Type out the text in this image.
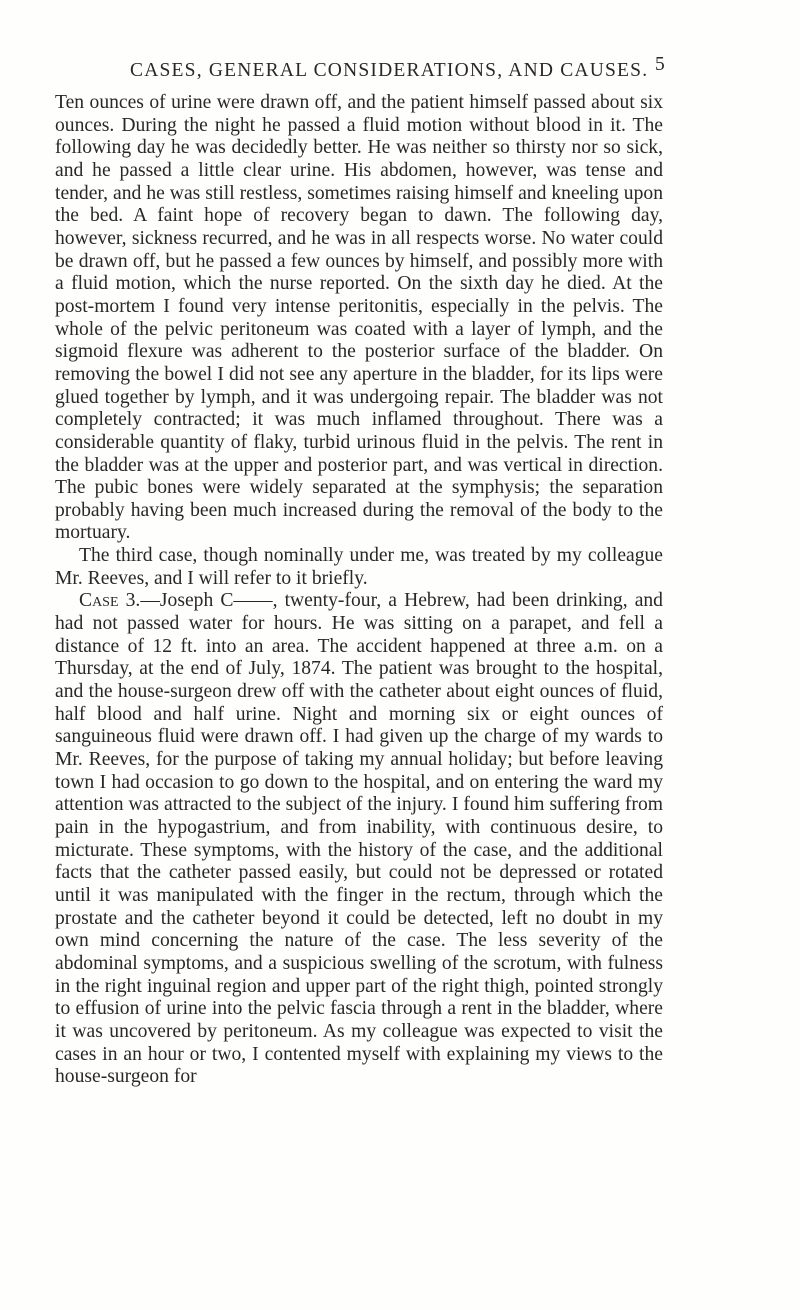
CASES, GENERAL CONSIDERATIONS, AND CAUSES. 5

Ten ounces of urine were drawn off, and the patient himself passed about six ounces. During the night he passed a fluid motion without blood in it. The following day he was decidedly better. He was neither so thirsty nor so sick, and he passed a little clear urine. His abdomen, however, was tense and tender, and he was still restless, sometimes raising himself and kneeling upon the bed. A faint hope of recovery began to dawn. The following day, however, sickness recurred, and he was in all respects worse. No water could be drawn off, but he passed a few ounces by himself, and possibly more with a fluid motion, which the nurse reported. On the sixth day he died. At the post-mortem I found very intense peritonitis, especially in the pelvis. The whole of the pelvic peritoneum was coated with a layer of lymph, and the sigmoid flexure was adherent to the posterior surface of the bladder. On removing the bowel I did not see any aperture in the bladder, for its lips were glued together by lymph, and it was undergoing repair. The bladder was not completely contracted; it was much inflamed throughout. There was a considerable quantity of flaky, turbid urinous fluid in the pelvis. The rent in the bladder was at the upper and posterior part, and was vertical in direction. The pubic bones were widely separated at the symphysis; the separation probably having been much increased during the removal of the body to the mortuary.

The third case, though nominally under me, was treated by my colleague Mr. Reeves, and I will refer to it briefly.

Case 3.—Joseph C——, twenty-four, a Hebrew, had been drinking, and had not passed water for hours. He was sitting on a parapet, and fell a distance of 12 ft. into an area. The accident happened at three a.m. on a Thursday, at the end of July, 1874. The patient was brought to the hospital, and the house-surgeon drew off with the catheter about eight ounces of fluid, half blood and half urine. Night and morning six or eight ounces of sanguineous fluid were drawn off. I had given up the charge of my wards to Mr. Reeves, for the purpose of taking my annual holiday; but before leaving town I had occasion to go down to the hospital, and on entering the ward my attention was attracted to the subject of the injury. I found him suffering from pain in the hypogastrium, and from inability, with continuous desire, to micturate. These symptoms, with the history of the case, and the additional facts that the catheter passed easily, but could not be depressed or rotated until it was manipulated with the finger in the rectum, through which the prostate and the catheter beyond it could be detected, left no doubt in my own mind concerning the nature of the case. The less severity of the abdominal symptoms, and a suspicious swelling of the scrotum, with fulness in the right inguinal region and upper part of the right thigh, pointed strongly to effusion of urine into the pelvic fascia through a rent in the bladder, where it was uncovered by peritoneum. As my colleague was expected to visit the cases in an hour or two, I contented myself with explaining my views to the house-surgeon for
